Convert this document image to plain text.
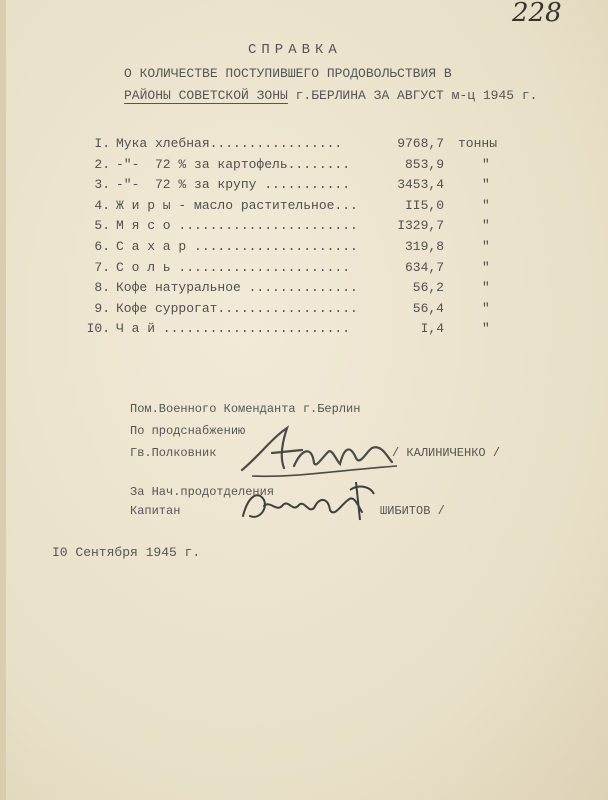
228
СПРАВКА
О КОЛИЧЕСТВЕ ПОСТУПИВШЕГО ПРОДОВОЛЬСТВИЯ В
РАЙОНЫ СОВЕТСКОЙ ЗОНЫ г.БЕРЛИНА ЗА АВГУСТ м-ц 1945 г.
I. Мука хлебная.................	9768,7 тонны
2. -"-  72 % за картофель........	853,9	"
3. -"-  72 % за крупу ...........	3453,4	"
4. Ж и р ы - масло растительное...	II5,0	"
5. М я с о .......................	I329,7	"
6. С а х а р .....................	319,8	"
7. С о л ь ......................	634,7	"
8. Кофе натуральное ..............	56,2	"
9. Кофе суррогат..................	56,4	"
I0. Ч а й ........................	I,4	"
Пом.Военного Коменданта г.Берлин
По продснабжению
Гв.Полковник	/ КАЛИНИЧЕНКО /
За Нач.продотделения
Капитан	ШИБИТОВ /
I0 Сентября 1945 г.
